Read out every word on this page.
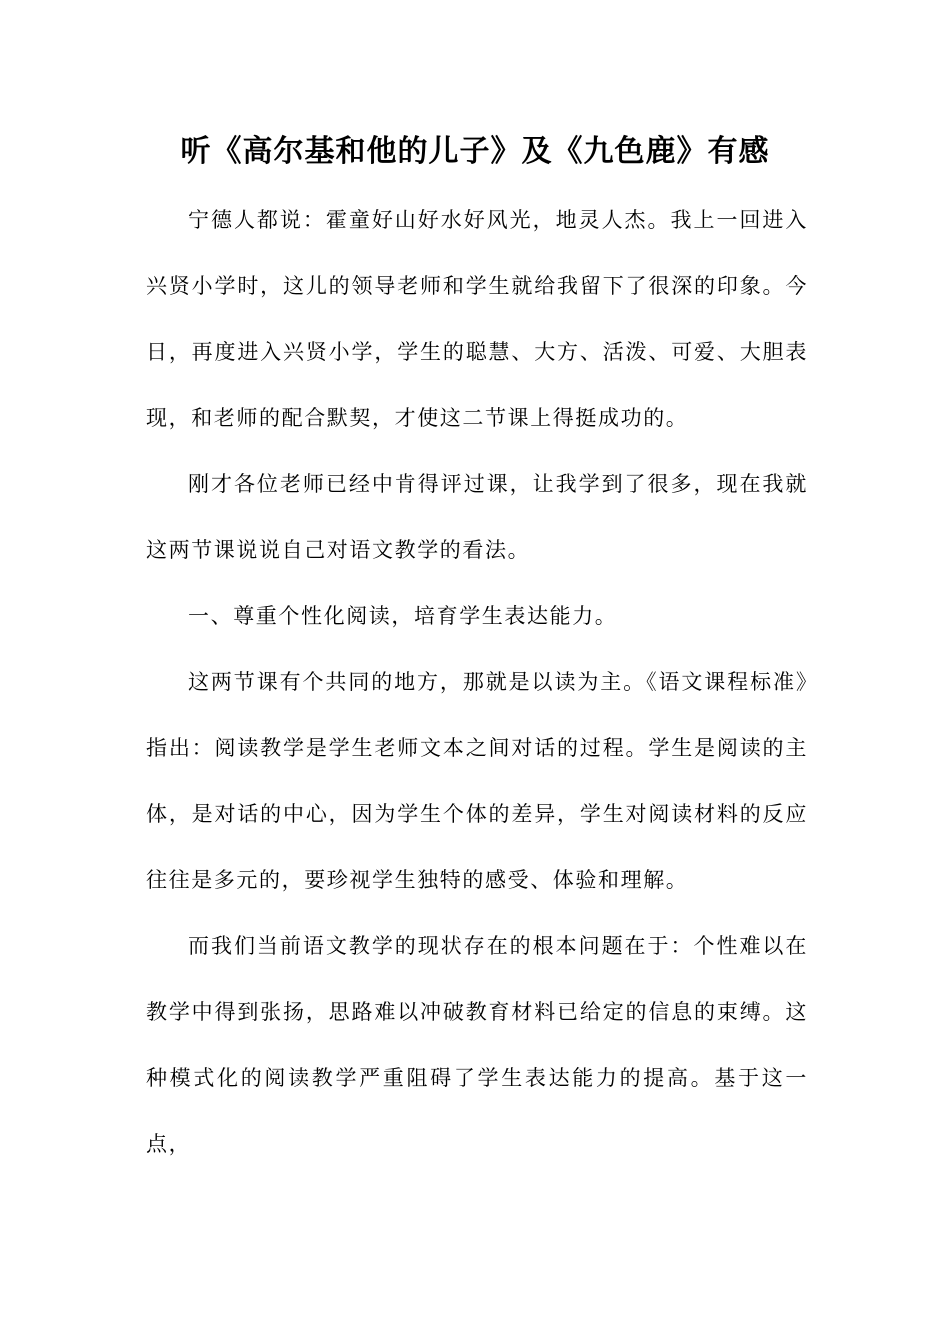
听《高尔基和他的儿子》及《九色鹿》有感

宁德人都说：霍童好山好水好风光，地灵人杰。我上一回进入兴贤小学时，这儿的领导老师和学生就给我留下了很深的印象。今日，再度进入兴贤小学，学生的聪慧、大方、活泼、可爱、大胆表现，和老师的配合默契，才使这二节课上得挺成功的。

刚才各位老师已经中肯得评过课，让我学到了很多，现在我就这两节课说说自己对语文教学的看法。

一、尊重个性化阅读，培育学生表达能力。

这两节课有个共同的地方，那就是以读为主。《语文课程标准》指出：阅读教学是学生老师文本之间对话的过程。学生是阅读的主体，是对话的中心，因为学生个体的差异，学生对阅读材料的反应往往是多元的，要珍视学生独特的感受、体验和理解。

而我们当前语文教学的现状存在的根本问题在于：个性难以在教学中得到张扬，思路难以冲破教育材料已给定的信息的束缚。这种模式化的阅读教学严重阻碍了学生表达能力的提高。基于这一点，
